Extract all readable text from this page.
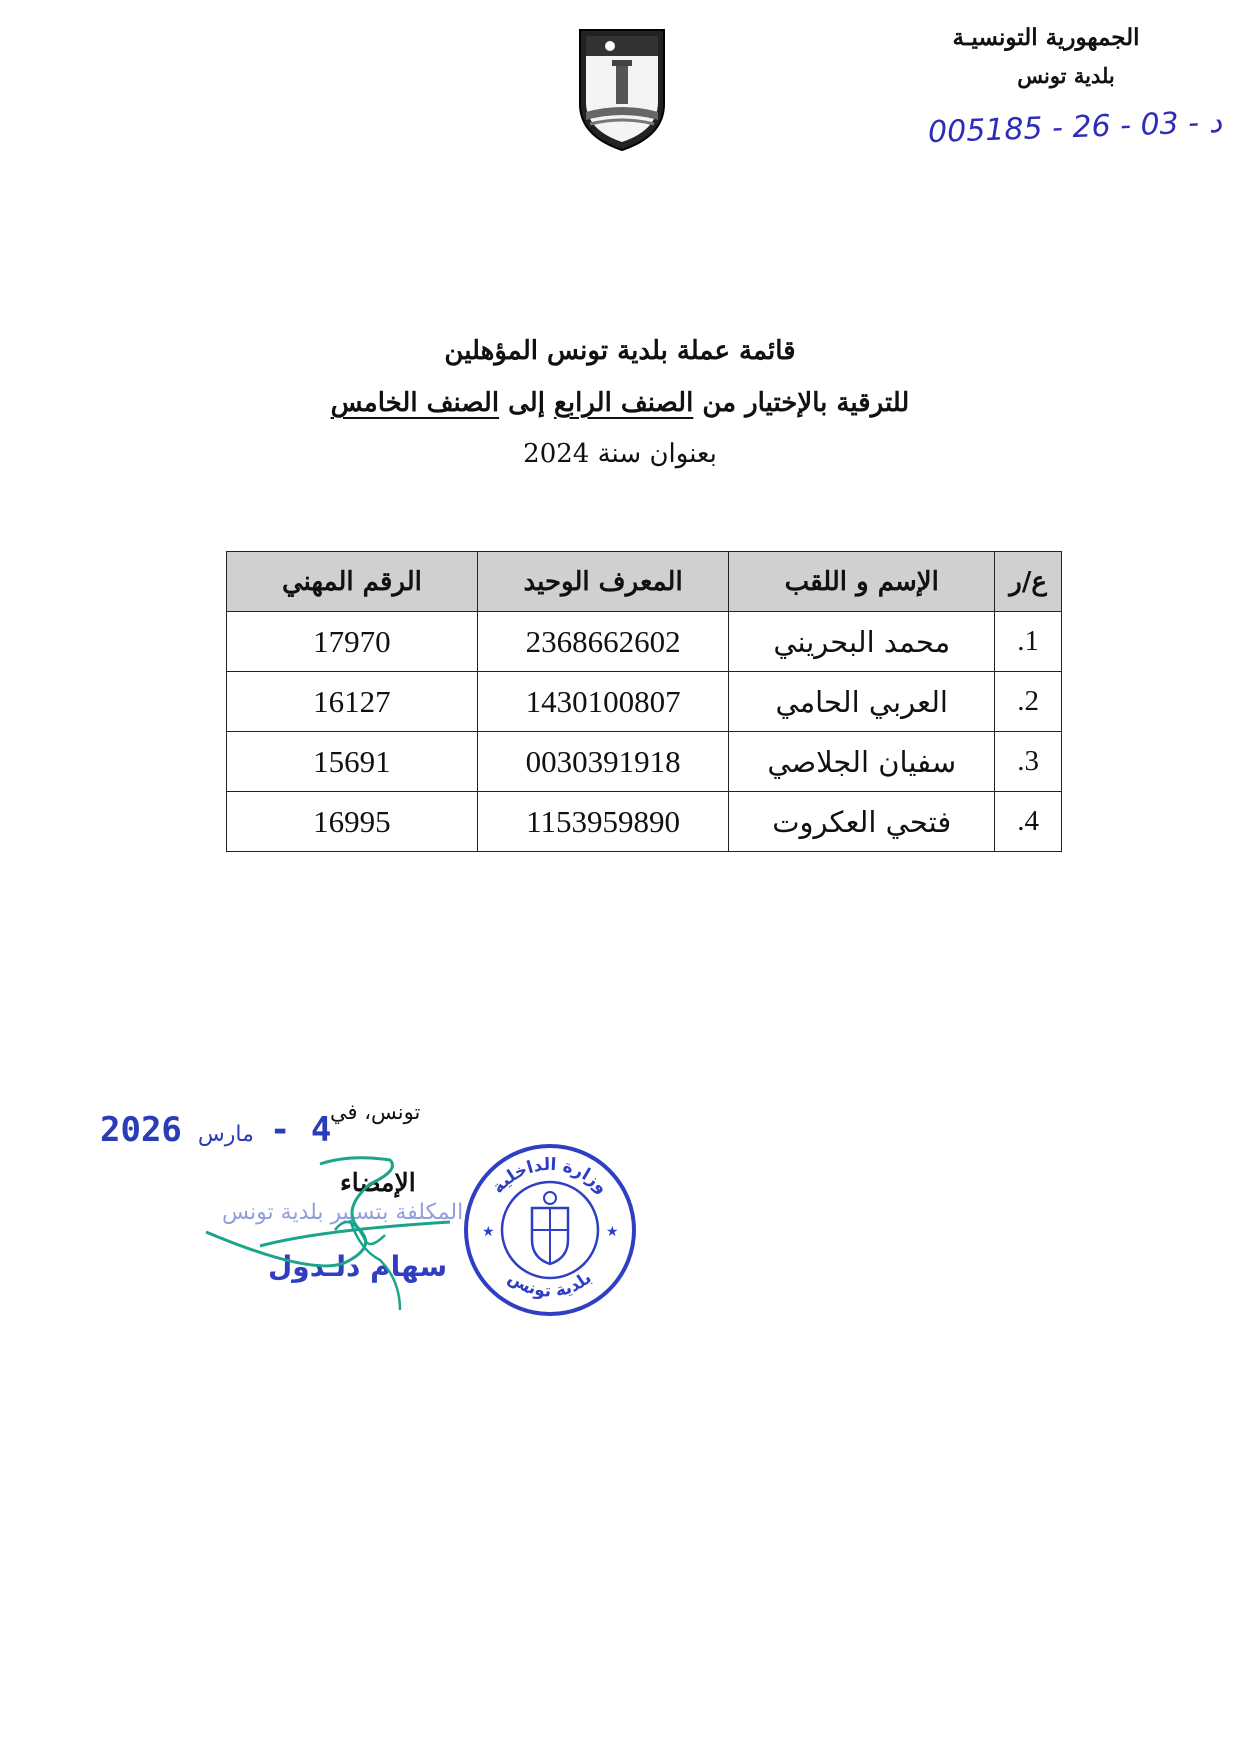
الجمهورية التونسيـة

بلدية تونس

د - 03 - 26 - 005185

قائمة عملة بلدية تونس المؤهلين

للترقية بالإختيار من الصنف الرابع إلى الصنف الخامس

بعنوان سنة 2024

ع/ر	الإسم و اللقب	المعرف الوحيد	الرقم المهني
1.	محمد البحريني	2368662602	17970
2.	العربي الحامي	1430100807	16127
3.	سفيان الجلاصي	0030391918	15691
4.	فتحي العكروت	1153959890	16995
تونس، في
2026 مارس 4 -
وزارة الداخلية
بلدية تونس
★	★
المكلفة بتسيير بلدية تونس
الإمضاء
سهام دلـدول
